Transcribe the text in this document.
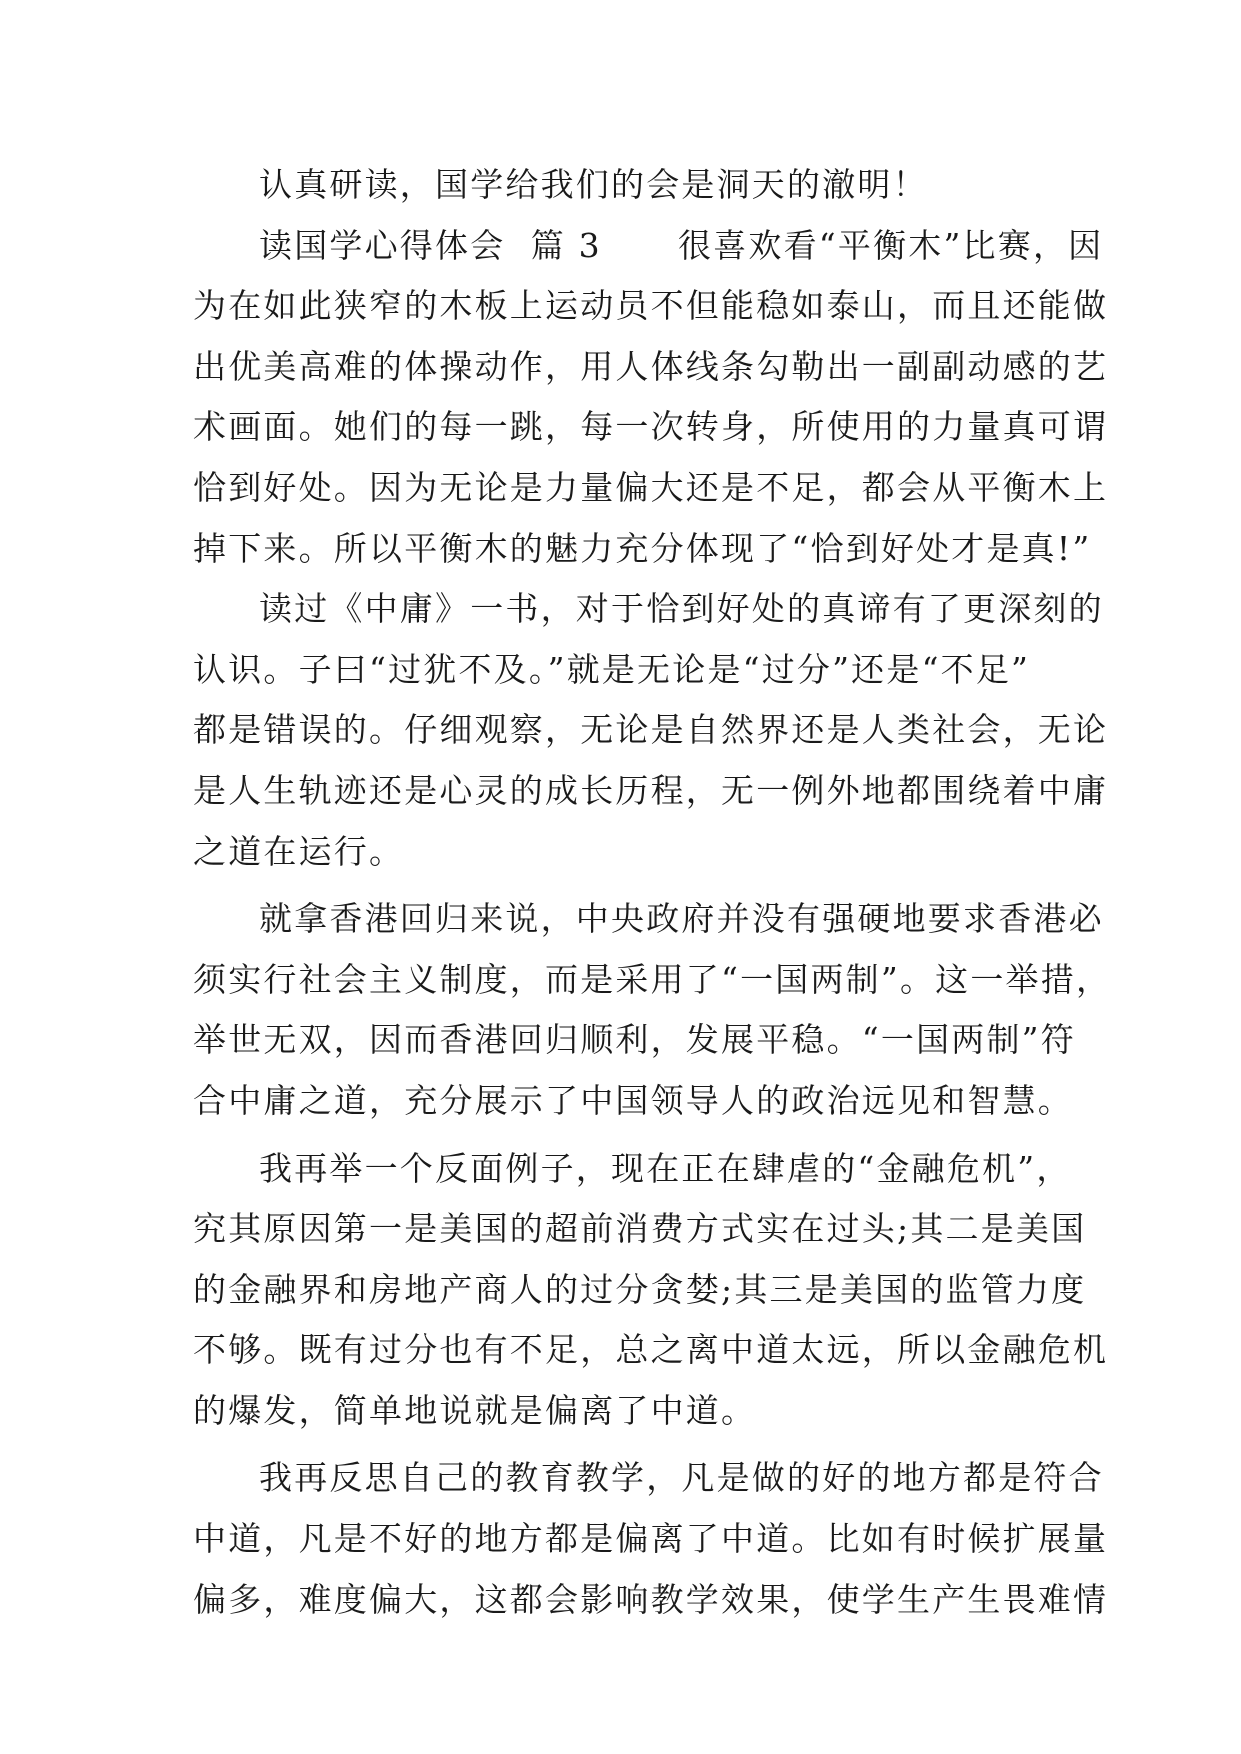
认真研读，国学给我们的会是洞天的澈明！
读国学心得体会  篇 3      很喜欢看“平衡木”比赛，因
为在如此狭窄的木板上运动员不但能稳如泰山，而且还能做
出优美高难的体操动作，用人体线条勾勒出一副副动感的艺
术画面。她们的每一跳，每一次转身，所使用的力量真可谓
恰到好处。因为无论是力量偏大还是不足，都会从平衡木上
掉下来。所以平衡木的魅力充分体现了“恰到好处才是真!”
读过《中庸》一书，对于恰到好处的真谛有了更深刻的
认识。子曰“过犹不及。”就是无论是“过分”还是“不足”
都是错误的。仔细观察，无论是自然界还是人类社会，无论
是人生轨迹还是心灵的成长历程，无一例外地都围绕着中庸
之道在运行。
就拿香港回归来说，中央政府并没有强硬地要求香港必
须实行社会主义制度，而是采用了“一国两制”。这一举措，
举世无双，因而香港回归顺利，发展平稳。“一国两制”符
合中庸之道，充分展示了中国领导人的政治远见和智慧。
我再举一个反面例子，现在正在肆虐的“金融危机”，
究其原因第一是美国的超前消费方式实在过头;其二是美国
的金融界和房地产商人的过分贪婪;其三是美国的监管力度
不够。既有过分也有不足，总之离中道太远，所以金融危机
的爆发，简单地说就是偏离了中道。
我再反思自己的教育教学，凡是做的好的地方都是符合
中道，凡是不好的地方都是偏离了中道。比如有时候扩展量
偏多，难度偏大，这都会影响教学效果，使学生产生畏难情
